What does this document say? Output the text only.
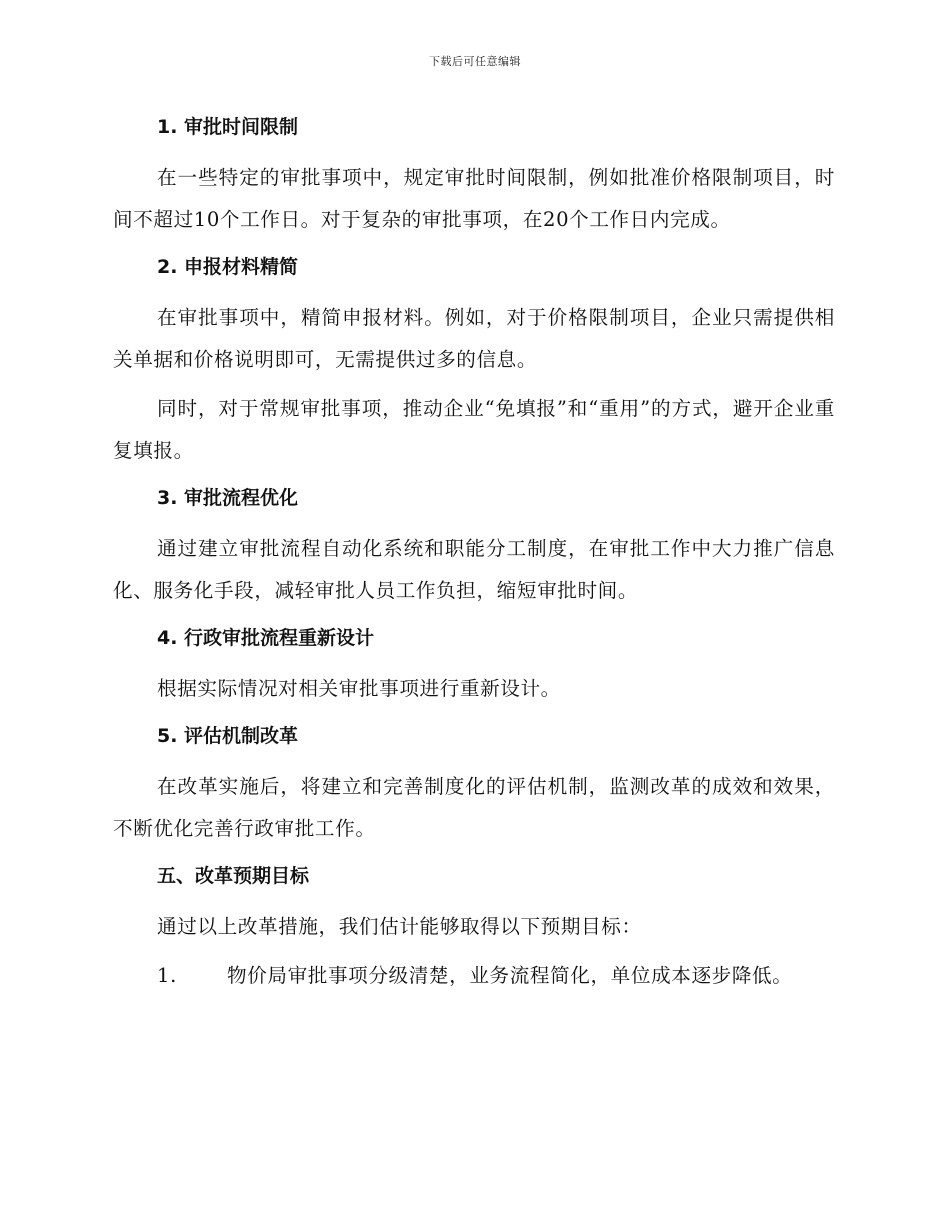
下载后可任意编辑
1. 审批时间限制

在一些特定的审批事项中，规定审批时间限制，例如批准价格限制项目，时间不超过10个工作日。对于复杂的审批事项，在20个工作日内完成。

2. 申报材料精简

在审批事项中，精简申报材料。例如，对于价格限制项目，企业只需提供相关单据和价格说明即可，无需提供过多的信息。

同时，对于常规审批事项，推动企业“免填报”和“重用”的方式，避开企业重复填报。

3. 审批流程优化

通过建立审批流程自动化系统和职能分工制度，在审批工作中大力推广信息化、服务化手段，减轻审批人员工作负担，缩短审批时间。

4. 行政审批流程重新设计

根据实际情况对相关审批事项进行重新设计。

5. 评估机制改革

在改革实施后，将建立和完善制度化的评估机制，监测改革的成效和效果，不断优化完善行政审批工作。

五、改革预期目标

通过以上改革措施，我们估计能够取得以下预期目标：

1.	物价局审批事项分级清楚，业务流程简化，单位成本逐步降低。
